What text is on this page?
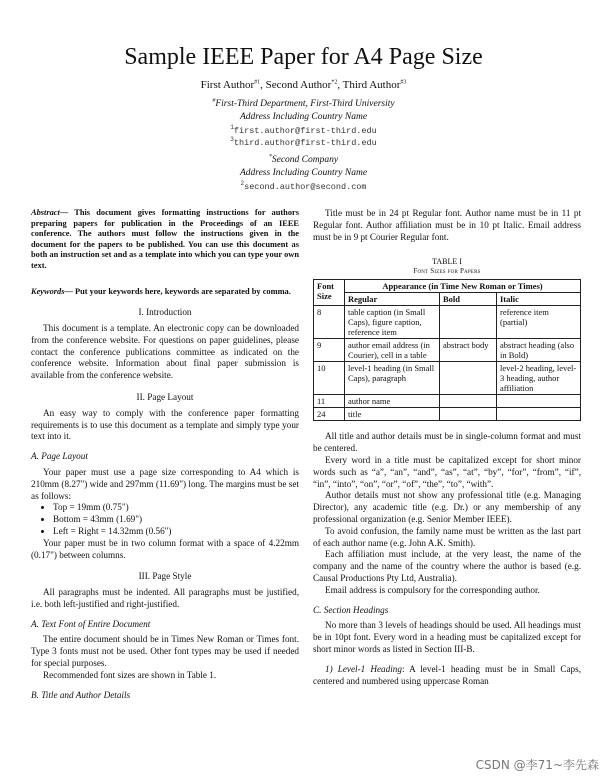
Sample IEEE Paper for A4 Page Size
First Author$^{\#1}$, Second Author$^{*2}$, Third Author$^{\#3}$
#First-Third Department, First-Third University
Address Including Country Name
$^1$first.author@first-third.edu
$^3$third.author@first-third.edu
*Second Company
Address Including Country Name
$^2$second.author@second.com

Abstract— This document gives formatting instructions for authors preparing papers for publication in the Proceedings of an IEEE conference. The authors must follow the instructions given in the document for the papers to be published. You can use this document as both an instruction set and as a template into which you can type your own text.

Keywords— Put your keywords here, keywords are separated by comma.

I. Introduction

This document is a template. An electronic copy can be downloaded from the conference website. For questions on paper guidelines, please contact the conference publications committee as indicated on the conference website. Information about final paper submission is available from the conference website.

II. Page Layout

An easy way to comply with the conference paper formatting requirements is to use this document as a template and simply type your text into it.

A. Page Layout

Your paper must use a page size corresponding to A4 which is 210mm (8.27") wide and 297mm (11.69") long. The margins must be set as follows:

• Top = 19mm (0.75")
• Bottom = 43mm (1.69")
• Left = Right = 14.32mm (0.56")

Your paper must be in two column format with a space of 4.22mm (0.17") between columns.

III. Page Style

All paragraphs must be indented. All paragraphs must be justified, i.e. both left-justified and right-justified.

A. Text Font of Entire Document

The entire document should be in Times New Roman or Times font. Type 3 fonts must not be used. Other font types may be used if needed for special purposes.

Recommended font sizes are shown in Table 1.

B. Title and Author Details

Title must be in 24 pt Regular font. Author name must be in 11 pt Regular font. Author affiliation must be in 10 pt Italic. Email address must be in 9 pt Courier Regular font.

TABLE I
Font Sizes for Papers
Font Size	Appearance (in Time New Roman or Times)		
	Regular	Bold	Italic
8	table caption (in Small Caps), figure caption, reference item		reference item (partial)
9	author email address (in Courier), cell in a table	abstract body	abstract heading (also in Bold)
10	level-1 heading (in Small Caps), paragraph		level-2 heading, level-3 heading, author affiliation
11	author name		
24	title		

All title and author details must be in single-column format and must be centered.

Every word in a title must be capitalized except for short minor words such as “a”, “an”, “and”, “as”, “at”, “by”, “for”, “from”, “if”, “in”, “into”, “on”, “or”, “of”, “the”, “to”, “with”.

Author details must not show any professional title (e.g. Managing Director), any academic title (e.g. Dr.) or any membership of any professional organization (e.g. Senior Member IEEE).

To avoid confusion, the family name must be written as the last part of each author name (e.g. John A.K. Smith).

Each affiliation must include, at the very least, the name of the company and the name of the country where the author is based (e.g. Causal Productions Pty Ltd, Australia).

Email address is compulsory for the corresponding author.

C. Section Headings

No more than 3 levels of headings should be used. All headings must be in 10pt font. Every word in a heading must be capitalized except for short minor words as listed in Section III-B.

1) Level-1 Heading: A level-1 heading must be in Small Caps, centered and numbered using uppercase Roman

CSDN @李71~李先森
